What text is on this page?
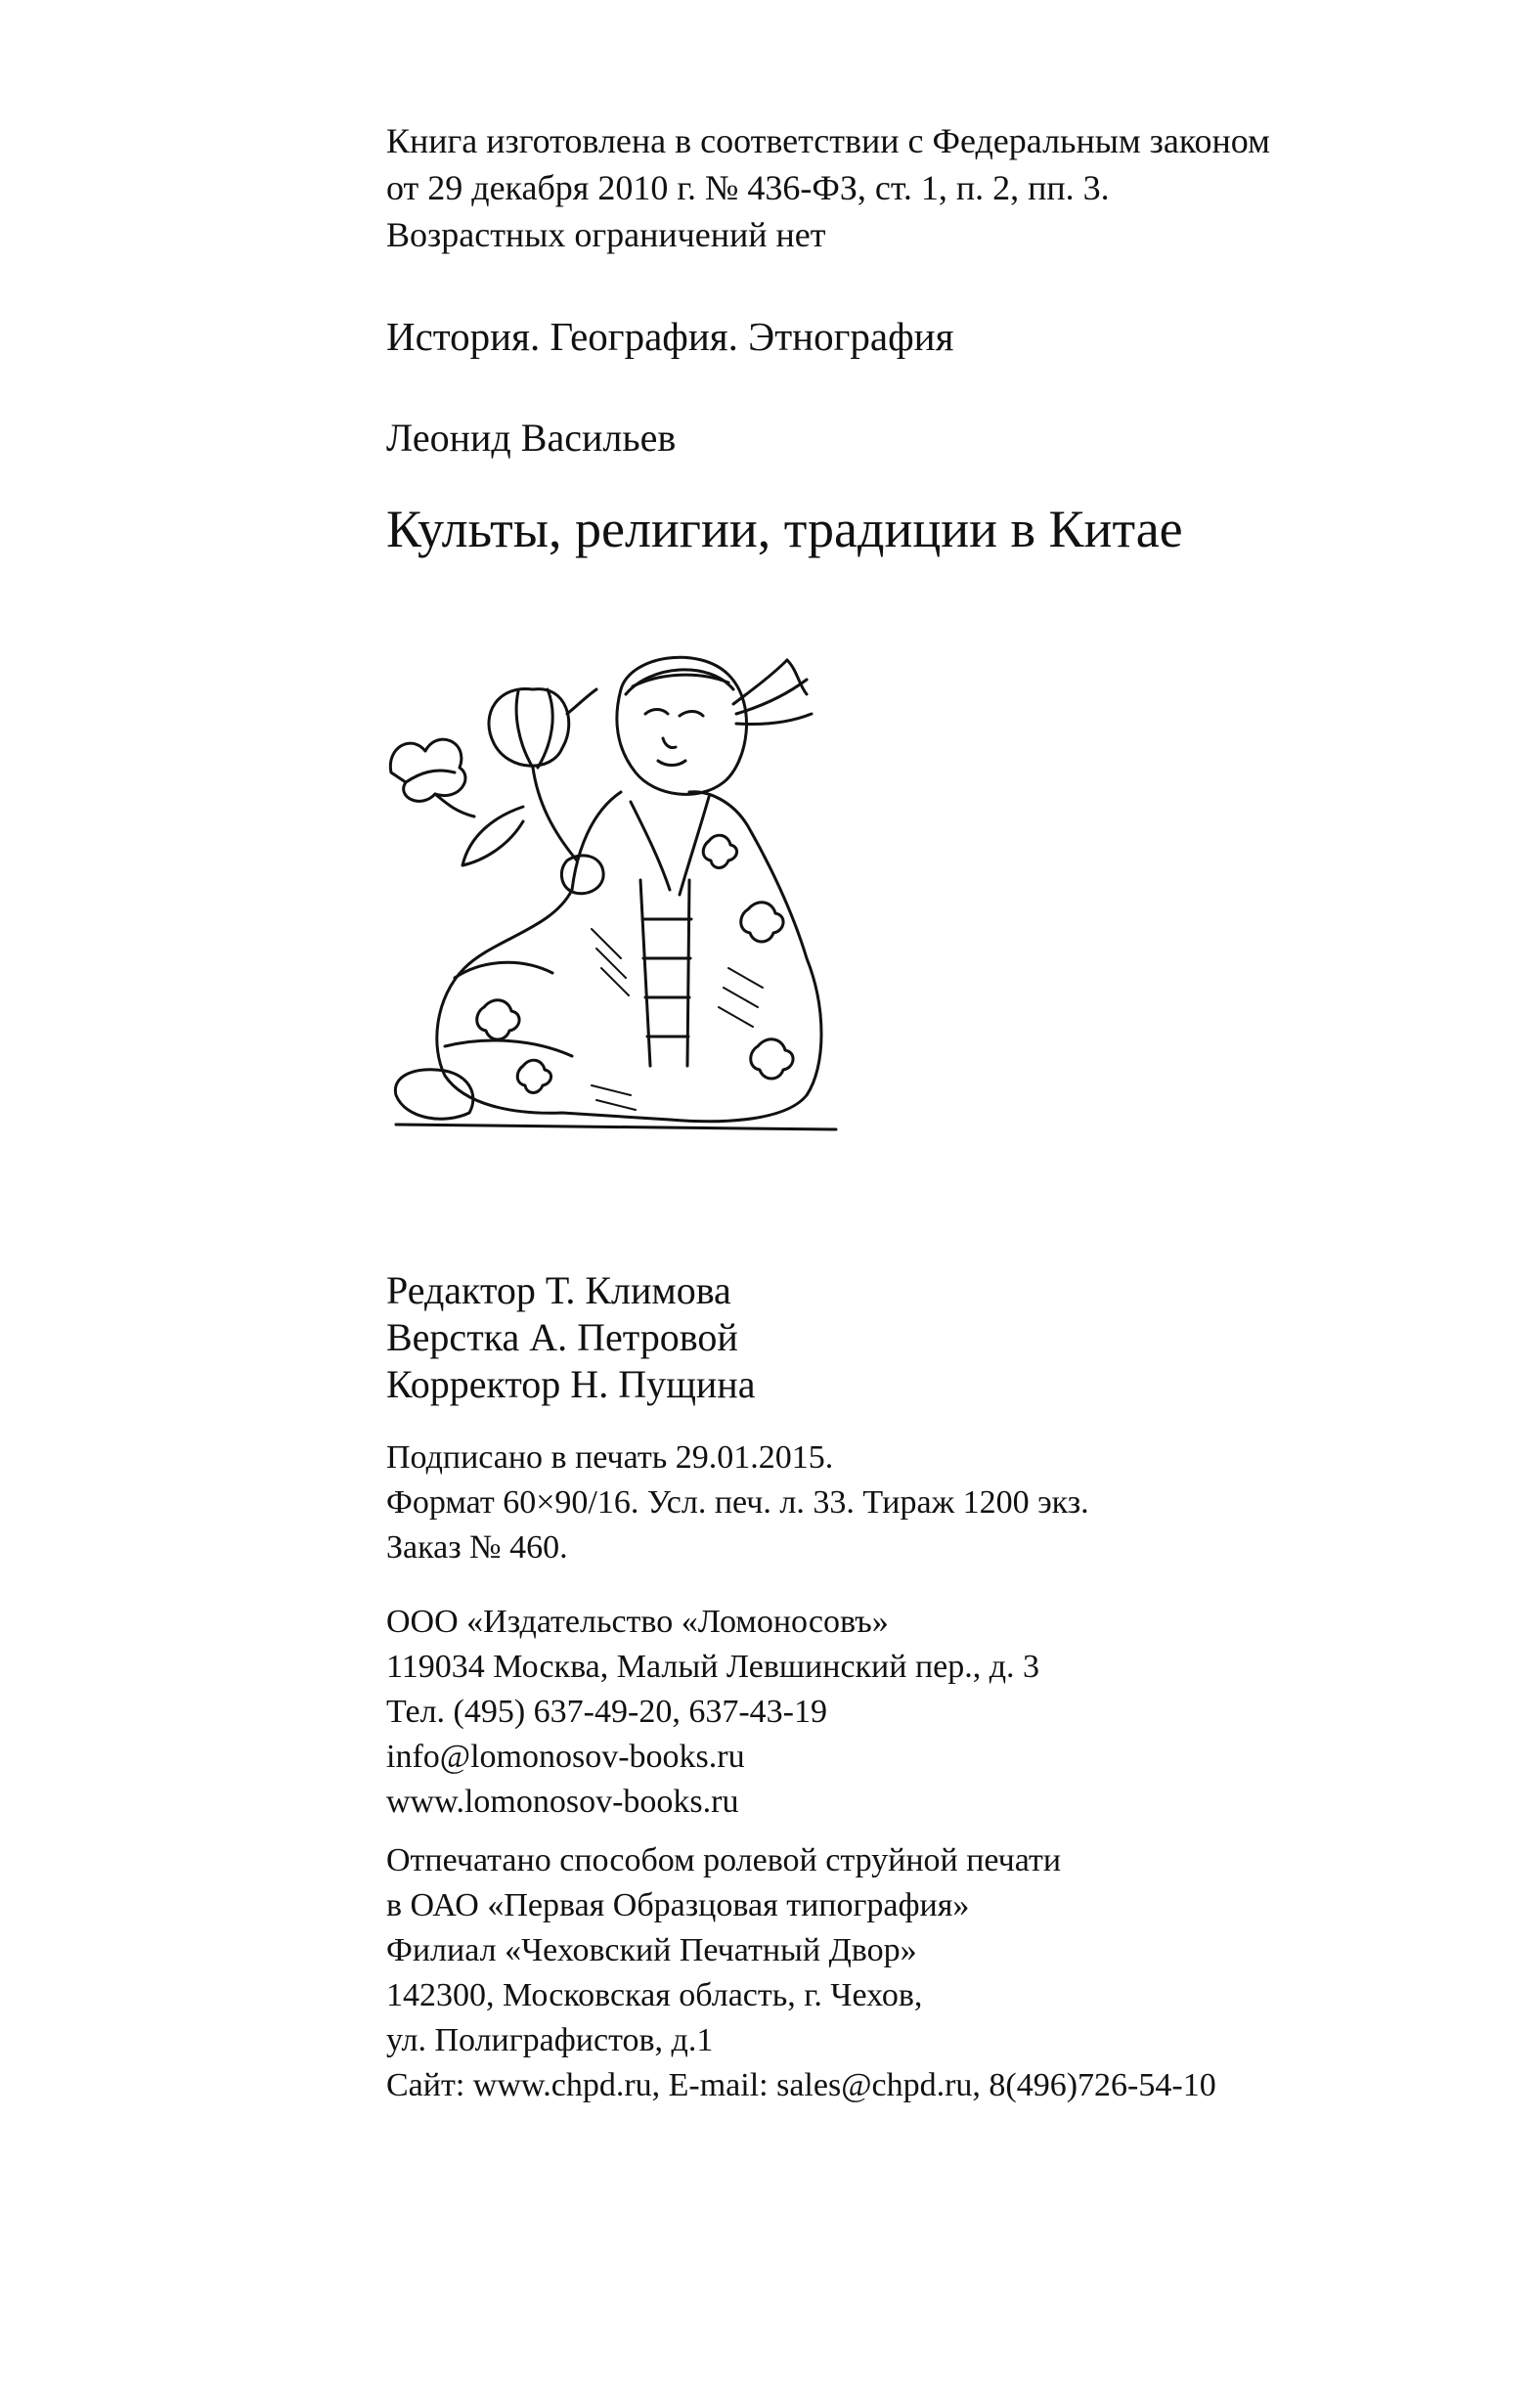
Книга изготовлена в соответствии с Федеральным законом
от 29 декабря 2010 г. № 436-ФЗ, ст. 1, п. 2, пп. 3.
Возрастных ограничений нет
История. География. Этнография
Леонид Васильев
Культы, религии, традиции в Китае
Редактор Т. Климова
Верстка А. Петровой
Корректор Н. Пущина
Подписано в печать 29.01.2015.
Формат 60×90/16. Усл. печ. л. 33. Тираж 1200 экз.
Заказ № 460.
ООО «Издательство «Ломоносовъ»
119034 Москва, Малый Левшинский пер., д. 3
Тел. (495) 637-49-20, 637-43-19
info@lomonosov-books.ru
www.lomonosov-books.ru
Отпечатано способом ролевой струйной печати
в ОАО «Первая Образцовая типография»
Филиал «Чеховский Печатный Двор»
142300, Московская область, г. Чехов,
ул. Полиграфистов, д.1
Сайт: www.chpd.ru, E-mail: sales@chpd.ru, 8(496)726-54-10
